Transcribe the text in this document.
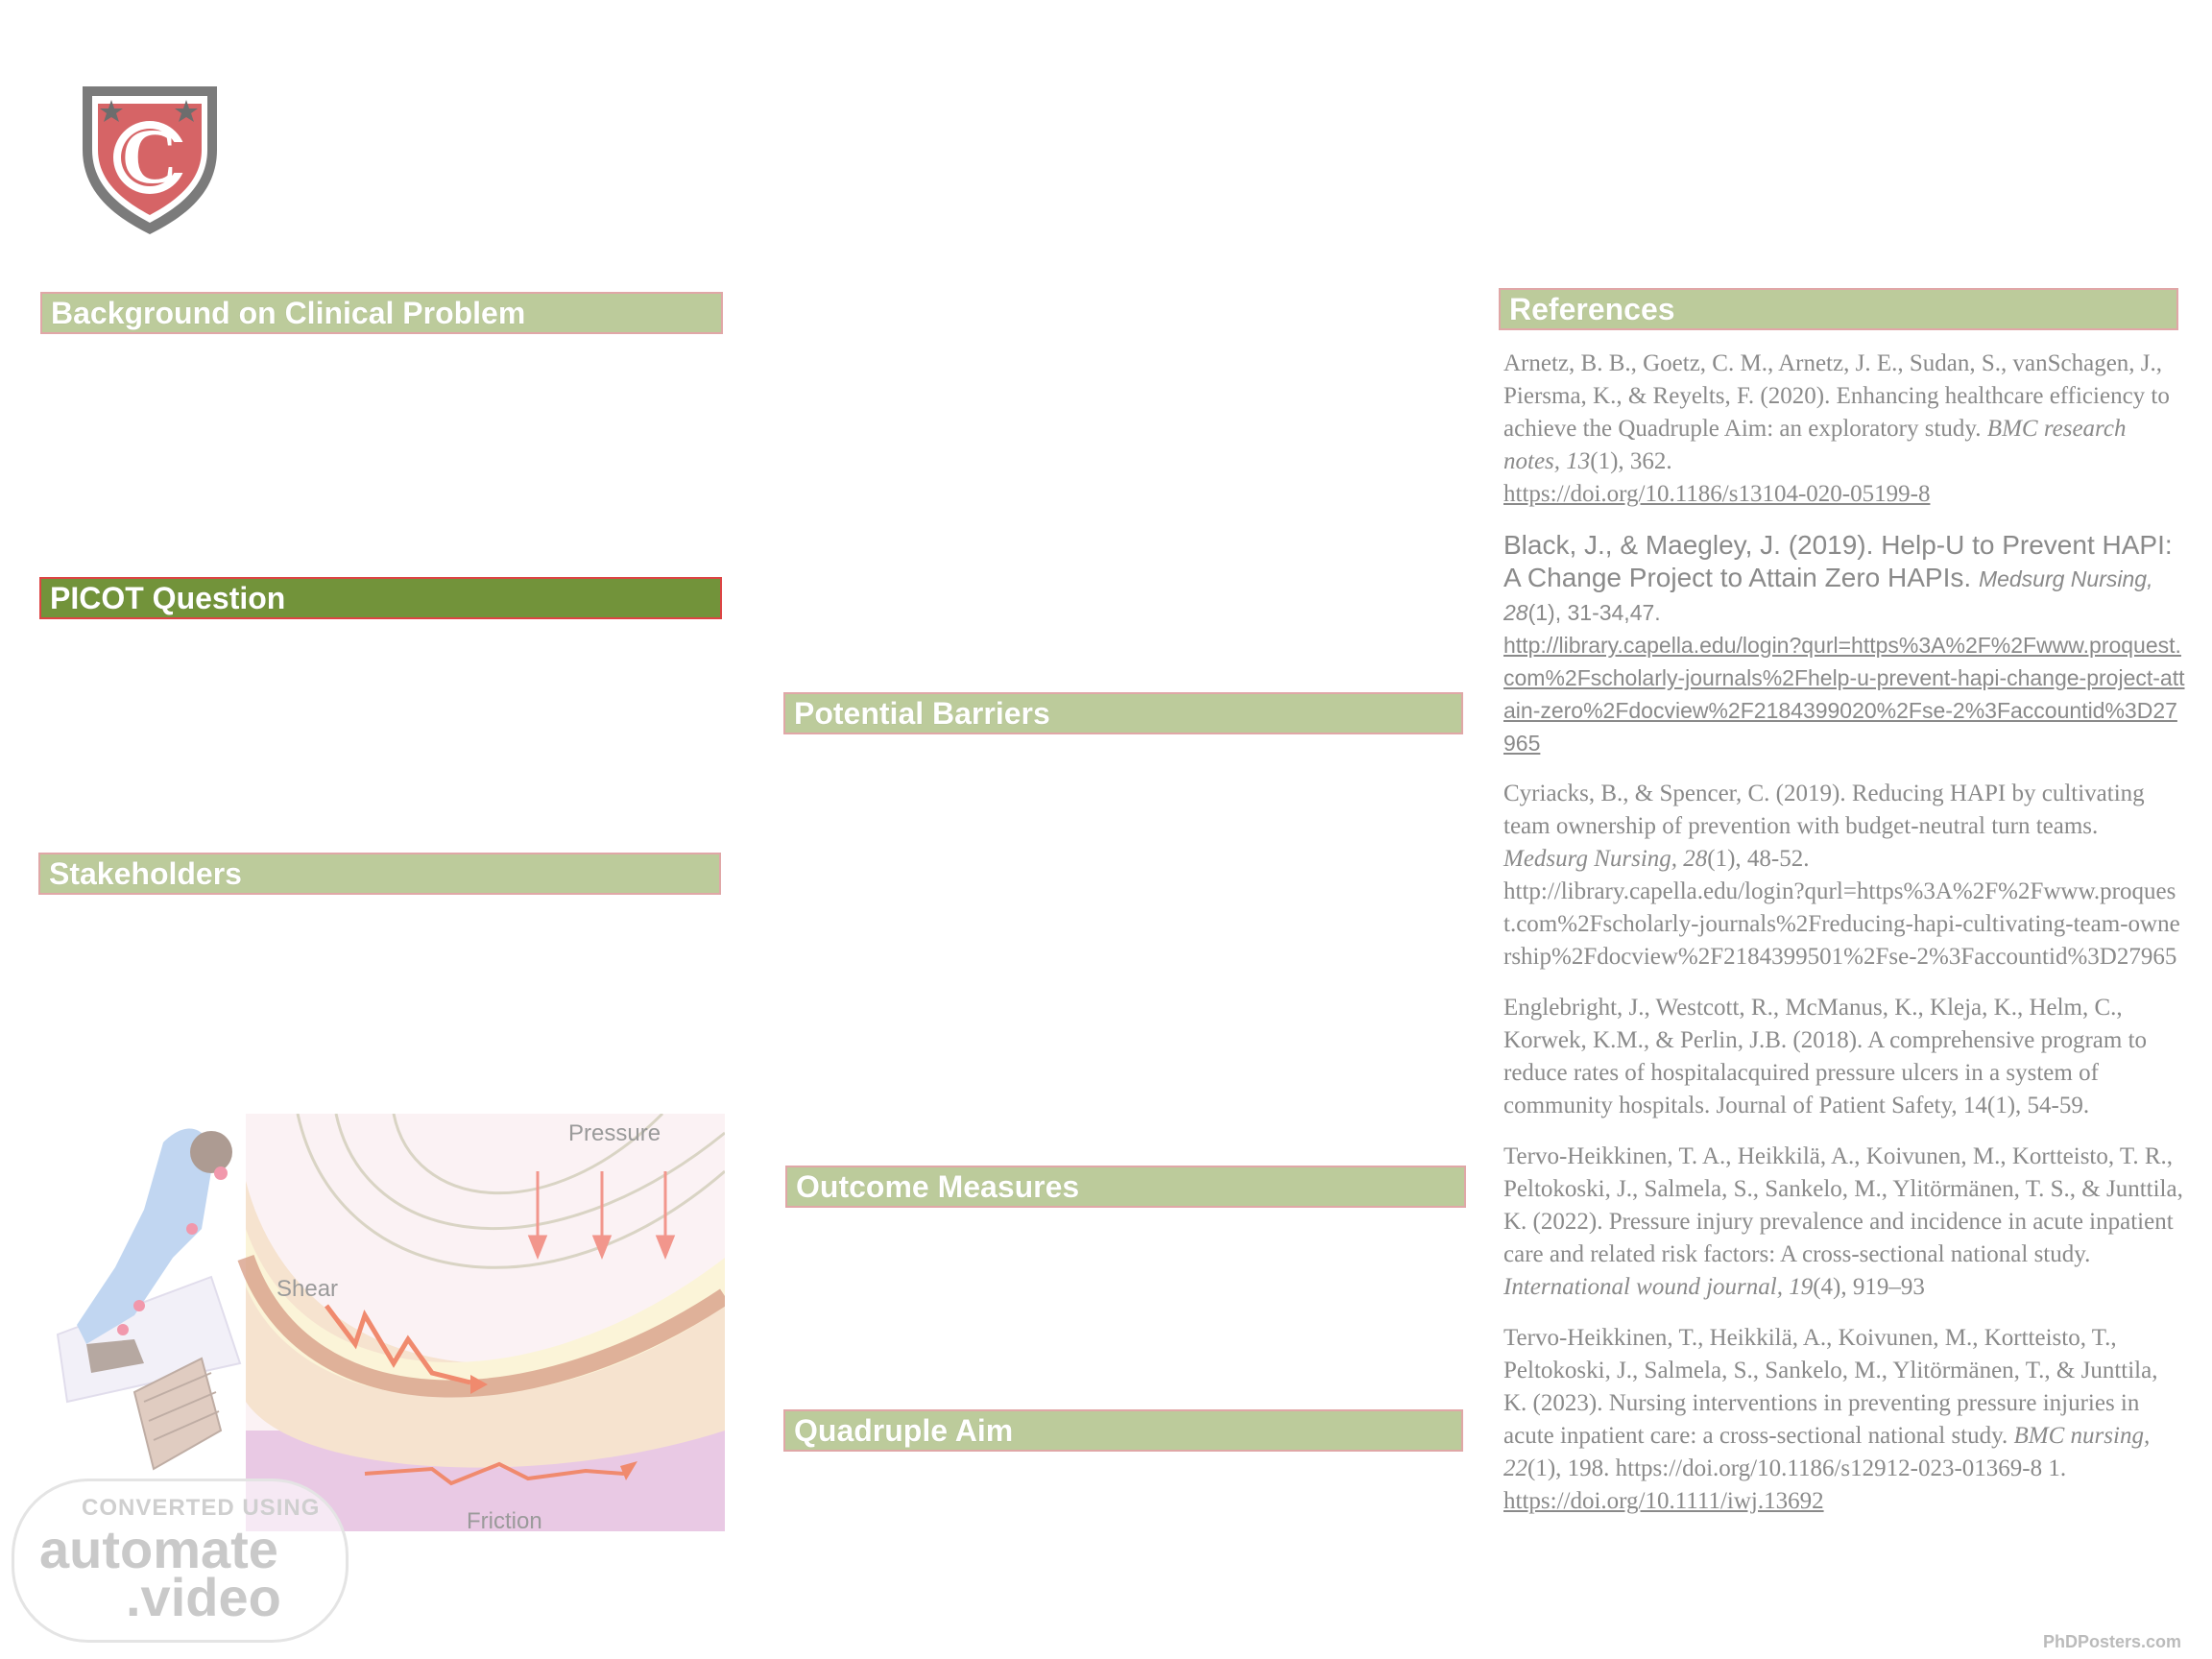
C
Background on Clinical Problem
PICOT Question
Stakeholders
Potential Barriers
Outcome Measures
Quadruple Aim
References
Pressure
Shear
Friction

Arnetz, B. B., Goetz, C. M., Arnetz, J. E., Sudan, S., vanSchagen, J., Piersma, K., & Reyelts, F. (2020). Enhancing healthcare efficiency to achieve the Quadruple Aim: an exploratory study. BMC research notes, 13(1), 362.
https://doi.org/10.1186/s13104-020-05199-8

Black, J., & Maegley, J. (2019). Help-U to Prevent HAPI: A Change Project to Attain Zero HAPIs. Medsurg Nursing, 28(1), 31-34,47.
http://library.capella.edu/login?qurl=https%3A%2F%2Fwww.proquest.com%2Fscholarly-journals%2Fhelp-u-prevent-hapi-change-project-attain-zero%2Fdocview%2F2184399020%2Fse-2%3Faccountid%3D27965

Cyriacks, B., & Spencer, C. (2019). Reducing HAPI by cultivating team ownership of prevention with budget-neutral turn teams. Medsurg Nursing, 28(1), 48-52.
http://library.capella.edu/login?qurl=https%3A%2F%2Fwww.proquest.com%2Fscholarly-journals%2Freducing-hapi-cultivating-team-ownership%2Fdocview%2F2184399501%2Fse-2%3Faccountid%3D27965

Englebright, J., Westcott, R., McManus, K., Kleja, K., Helm, C., Korwek, K.M., & Perlin, J.B. (2018). A comprehensive program to reduce rates of hospitalacquired pressure ulcers in a system of community hospitals. Journal of Patient Safety, 14(1), 54-59.

Tervo-Heikkinen, T. A., Heikkilä, A., Koivunen, M., Kortteisto, T. R., Peltokoski, J., Salmela, S., Sankelo, M., Ylitörmänen, T. S., & Junttila, K. (2022). Pressure injury prevalence and incidence in acute inpatient care and related risk factors: A cross-sectional national study. International wound journal, 19(4), 919–93

Tervo-Heikkinen, T., Heikkilä, A., Koivunen, M., Kortteisto, T., Peltokoski, J., Salmela, S., Sankelo, M., Ylitörmänen, T., & Junttila, K. (2023). Nursing interventions in preventing pressure injuries in acute inpatient care: a cross-sectional national study. BMC nursing, 22(1), 198. https://doi.org/10.1186/s12912-023-01369-8 1. https://doi.org/10.1111/iwj.13692

CONVERTED USING
automate
.video
PhDPosters.com
